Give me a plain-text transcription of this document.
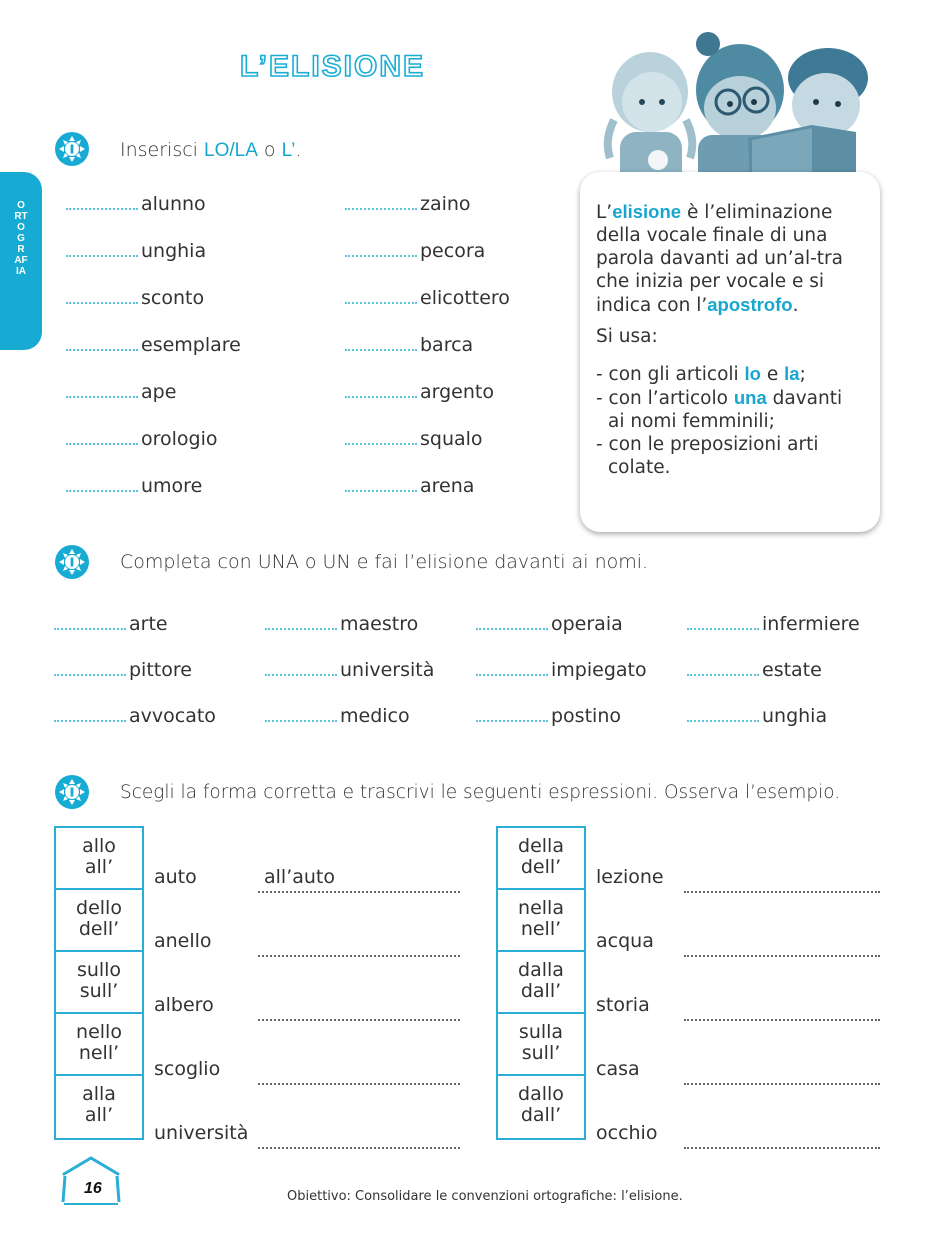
L’ELISIONE
ORTOGRAFIA
Inserisci LO/LA o L’.
alunno
unghia
sconto
esemplare
ape
orologio
umore
zaino
pecora
elicottero
barca
argento
squalo
arena

L’elisione è l’eliminazione della vocale finale di una parola davanti ad un’al-tra che inizia per vocale e si indica con l’apostrofo.

Si usa:

- con gli articoli lo e la;

- con l’articolo una davanti

ai nomi femminili;

- con le preposizioni arti

colate.

Completa con UNA o UN e fai l’elisione davanti ai nomi.
arte
pittore
avvocato
maestro
università
medico
operaia
impiegato
postino
infermiere
estate
unghia
Scegli la forma corretta e trascrivi le seguenti espressioni. Osserva l’esempio.
allo
all’
dello
dell’
sullo
sull’
nello
nell’
alla
all’
auto	all’auto
anello
albero
scoglio
università
della
dell’
nella
nell’
dalla
dall’
sulla
sull’
dallo
dall’
lezione
acqua
storia
casa
occhio
16	Obiettivo: Consolidare le convenzioni ortografiche: l’elisione.
